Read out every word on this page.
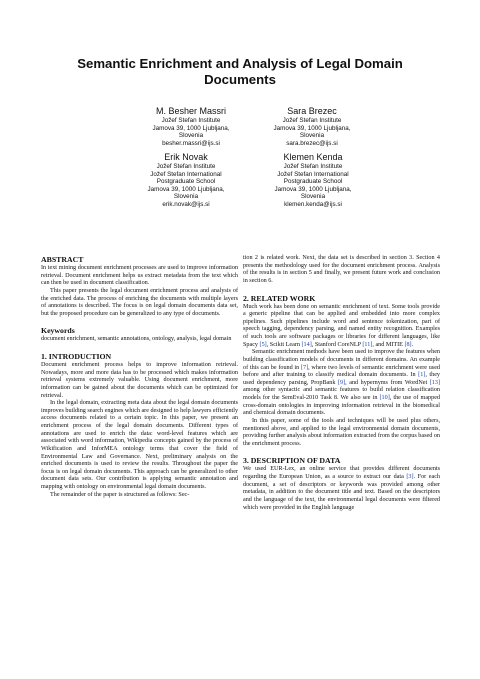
Semantic Enrichment and Analysis of Legal Domain
Documents
M. Besher Massri
Jožef Stefan Institute
Jamova 39, 1000 Ljubljana,
Slovenia
besher.massri@ijs.si
Sara Brezec
Jožef Stefan Institute
Jamova 39, 1000 Ljubljana,
Slovenia
sara.brezec@ijs.si
Erik Novak
Jožef Stefan Institute
Jožef Stefan International
Postgraduate School
Jamova 39, 1000 Ljubljana,
Slovenia
erik.novak@ijs.si
Klemen Kenda
Jožef Stefan Institute
Jožef Stefan International
Postgraduate School
Jamova 39, 1000 Ljubljana,
Slovenia
klemen.kenda@ijs.si
ABSTRACT

In text mining document enrichment processes are used to improve information retrieval. Document enrichment helps us extract metadata from the text which can then be used in document classification.

This paper presents the legal document enrichment process and analysis of the enriched data. The process of enriching the documents with multiple layers of annotations is described. The focus is on legal domain documents data set, but the proposed procedure can be generalized to any type of documents.

Keywords

document enrichment, semantic annotations, ontology, analysis, legal domain

1. INTRODUCTION

Document enrichment process helps to improve information retrieval. Nowadays, more and more data has to be processed which makes information retrieval systems extremely valuable. Using document enrichment, more information can be gained about the documents which can be optimized for retrieval.

In the legal domain, extracting meta data about the legal domain documents improves building search engines which are designed to help lawyers efficiently access documents related to a certain topic. In this paper, we present an enrichment process of the legal domain documents. Different types of annotations are used to enrich the data: word-level features which are associated with word information, Wikipedia concepts gained by the process of Wikification and InforMEA ontology terms that cover the field of Environmental Law and Governance. Next, preliminary analysis on the enriched documents is used to review the results. Throughout the paper the focus is on legal domain documents. This approach can be generalized to other document data sets. Our contribution is applying semantic annotation and mapping with ontology on environmental legal domain documents.

The remainder of the paper is structured as follows: Sec-

tion 2 is related work. Next, the data set is described in section 3. Section 4 presents the methodology used for the document enrichment process. Analysis of the results is in section 5 and finally, we present future work and conclusion in section 6.

2. RELATED WORK

Much work has been done on semantic enrichment of text. Some tools provide a generic pipeline that can be applied and embedded into more complex pipelines. Such pipelines include word and sentence tokenization, part of speech tagging, dependency parsing, and named entity recognition. Examples of such tools are software packages or libraries for different languages, like Spacy [5], Scikit Learn [14], Stanford CoreNLP [11], and MITIE [8].

Semantic enrichment methods have been used to improve the features when building classification models of documents in different domains. An example of this can be found in [7], where two levels of semantic enrichment were used before and after training to classify medical domain documents. In [1], they used dependency parsing, PropBank [9], and hypernyms from WordNet [13] among other syntactic and semantic features to build relation classification models for the SemEval-2010 Task 8. We also see in [10], the use of mapped cross-domain ontologies in improving information retrieval in the biomedical and chemical domain documents.

In this paper, some of the tools and techniques will be used plus others, mentioned above, and applied to the legal environmental domain documents, providing further analysis about information extracted from the corpus based on the enrichment process.

3. DESCRIPTION OF DATA

We used EUR-Lex, an online service that provides different documents regarding the European Union, as a source to extract our data [3]. For each document, a set of descriptors or keywords was provided among other metadata, in addition to the document title and text. Based on the descriptors and the language of the text, the environmental legal documents were filtered which were provided in the English language
